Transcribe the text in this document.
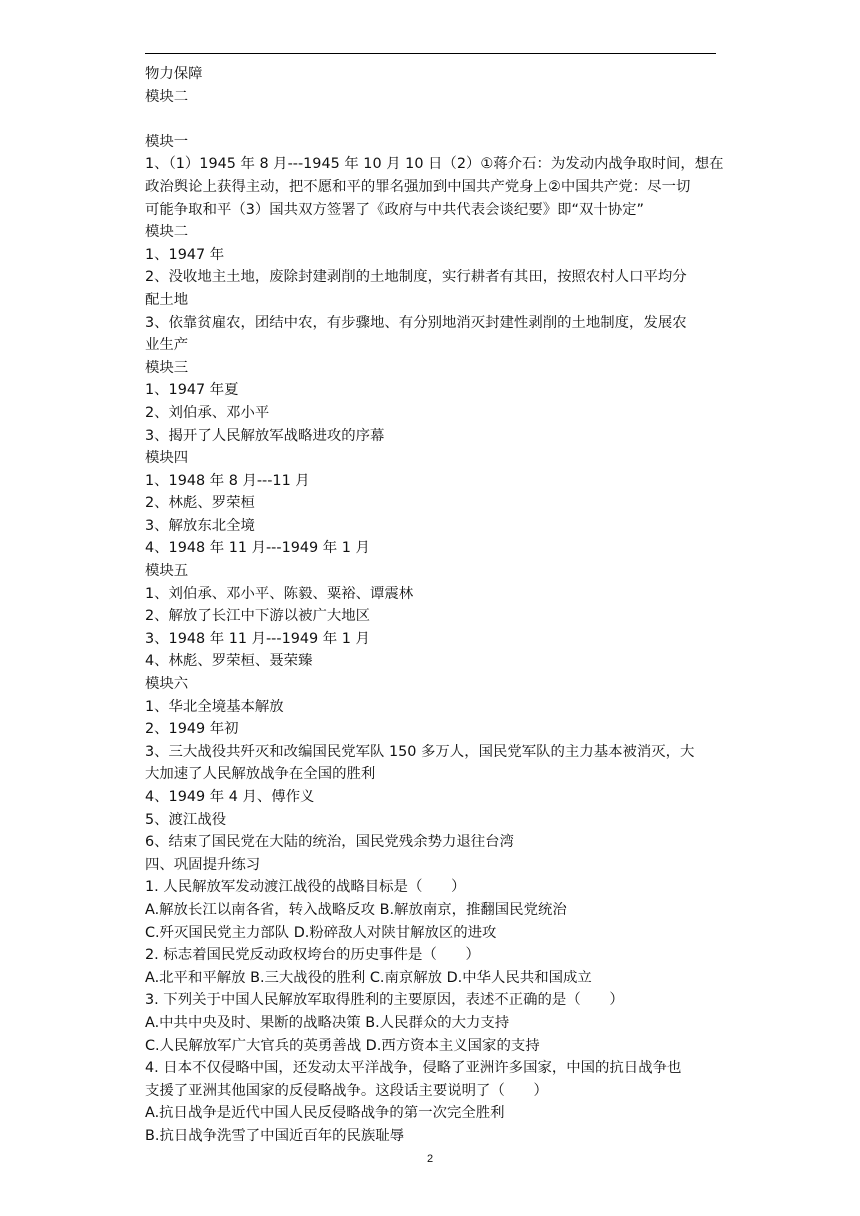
物力保障
模块二
模块一
1、（1）1945 年 8 月---1945 年 10 月 10 日（2）①蒋介石：为发动内战争取时间，想在
政治舆论上获得主动，把不愿和平的罪名强加到中国共产党身上②中国共产党：尽一切
可能争取和平（3）国共双方签署了《政府与中共代表会谈纪要》即“双十协定”
模块二
1、1947 年
2、没收地主土地，废除封建剥削的土地制度，实行耕者有其田，按照农村人口平均分
配土地
3、依靠贫雇农，团结中农，有步骤地、有分别地消灭封建性剥削的土地制度，发展农
业生产
模块三
1、1947 年夏
2、刘伯承、邓小平
3、揭开了人民解放军战略进攻的序幕
模块四
1、1948 年 8 月---11 月
2、林彪、罗荣桓
3、解放东北全境
4、1948 年 11 月---1949 年 1 月
模块五
1、刘伯承、邓小平、陈毅、粟裕、谭震林
2、解放了长江中下游以被广大地区
3、1948 年 11 月---1949 年 1 月
4、林彪、罗荣桓、聂荣臻
模块六
1、华北全境基本解放
2、1949 年初
3、三大战役共歼灭和改编国民党军队 150 多万人，国民党军队的主力基本被消灭，大
大加速了人民解放战争在全国的胜利
4、1949 年 4 月、傅作义
5、渡江战役
6、结束了国民党在大陆的统治，国民党残余势力退往台湾
四、巩固提升练习
1. 人民解放军发动渡江战役的战略目标是（　　）
A.解放长江以南各省，转入战略反攻 B.解放南京，推翻国民党统治
C.歼灭国民党主力部队 D.粉碎敌人对陕甘解放区的进攻
2. 标志着国民党反动政权垮台的历史事件是（　　）
A.北平和平解放 B.三大战役的胜利 C.南京解放 D.中华人民共和国成立
3. 下列关于中国人民解放军取得胜利的主要原因，表述不正确的是（　　）
A.中共中央及时、果断的战略决策 B.人民群众的大力支持
C.人民解放军广大官兵的英勇善战 D.西方资本主义国家的支持
4. 日本不仅侵略中国，还发动太平洋战争，侵略了亚洲许多国家，中国的抗日战争也
支援了亚洲其他国家的反侵略战争。这段话主要说明了（　　）
A.抗日战争是近代中国人民反侵略战争的第一次完全胜利
B.抗日战争洗雪了中国近百年的民族耻辱
2
